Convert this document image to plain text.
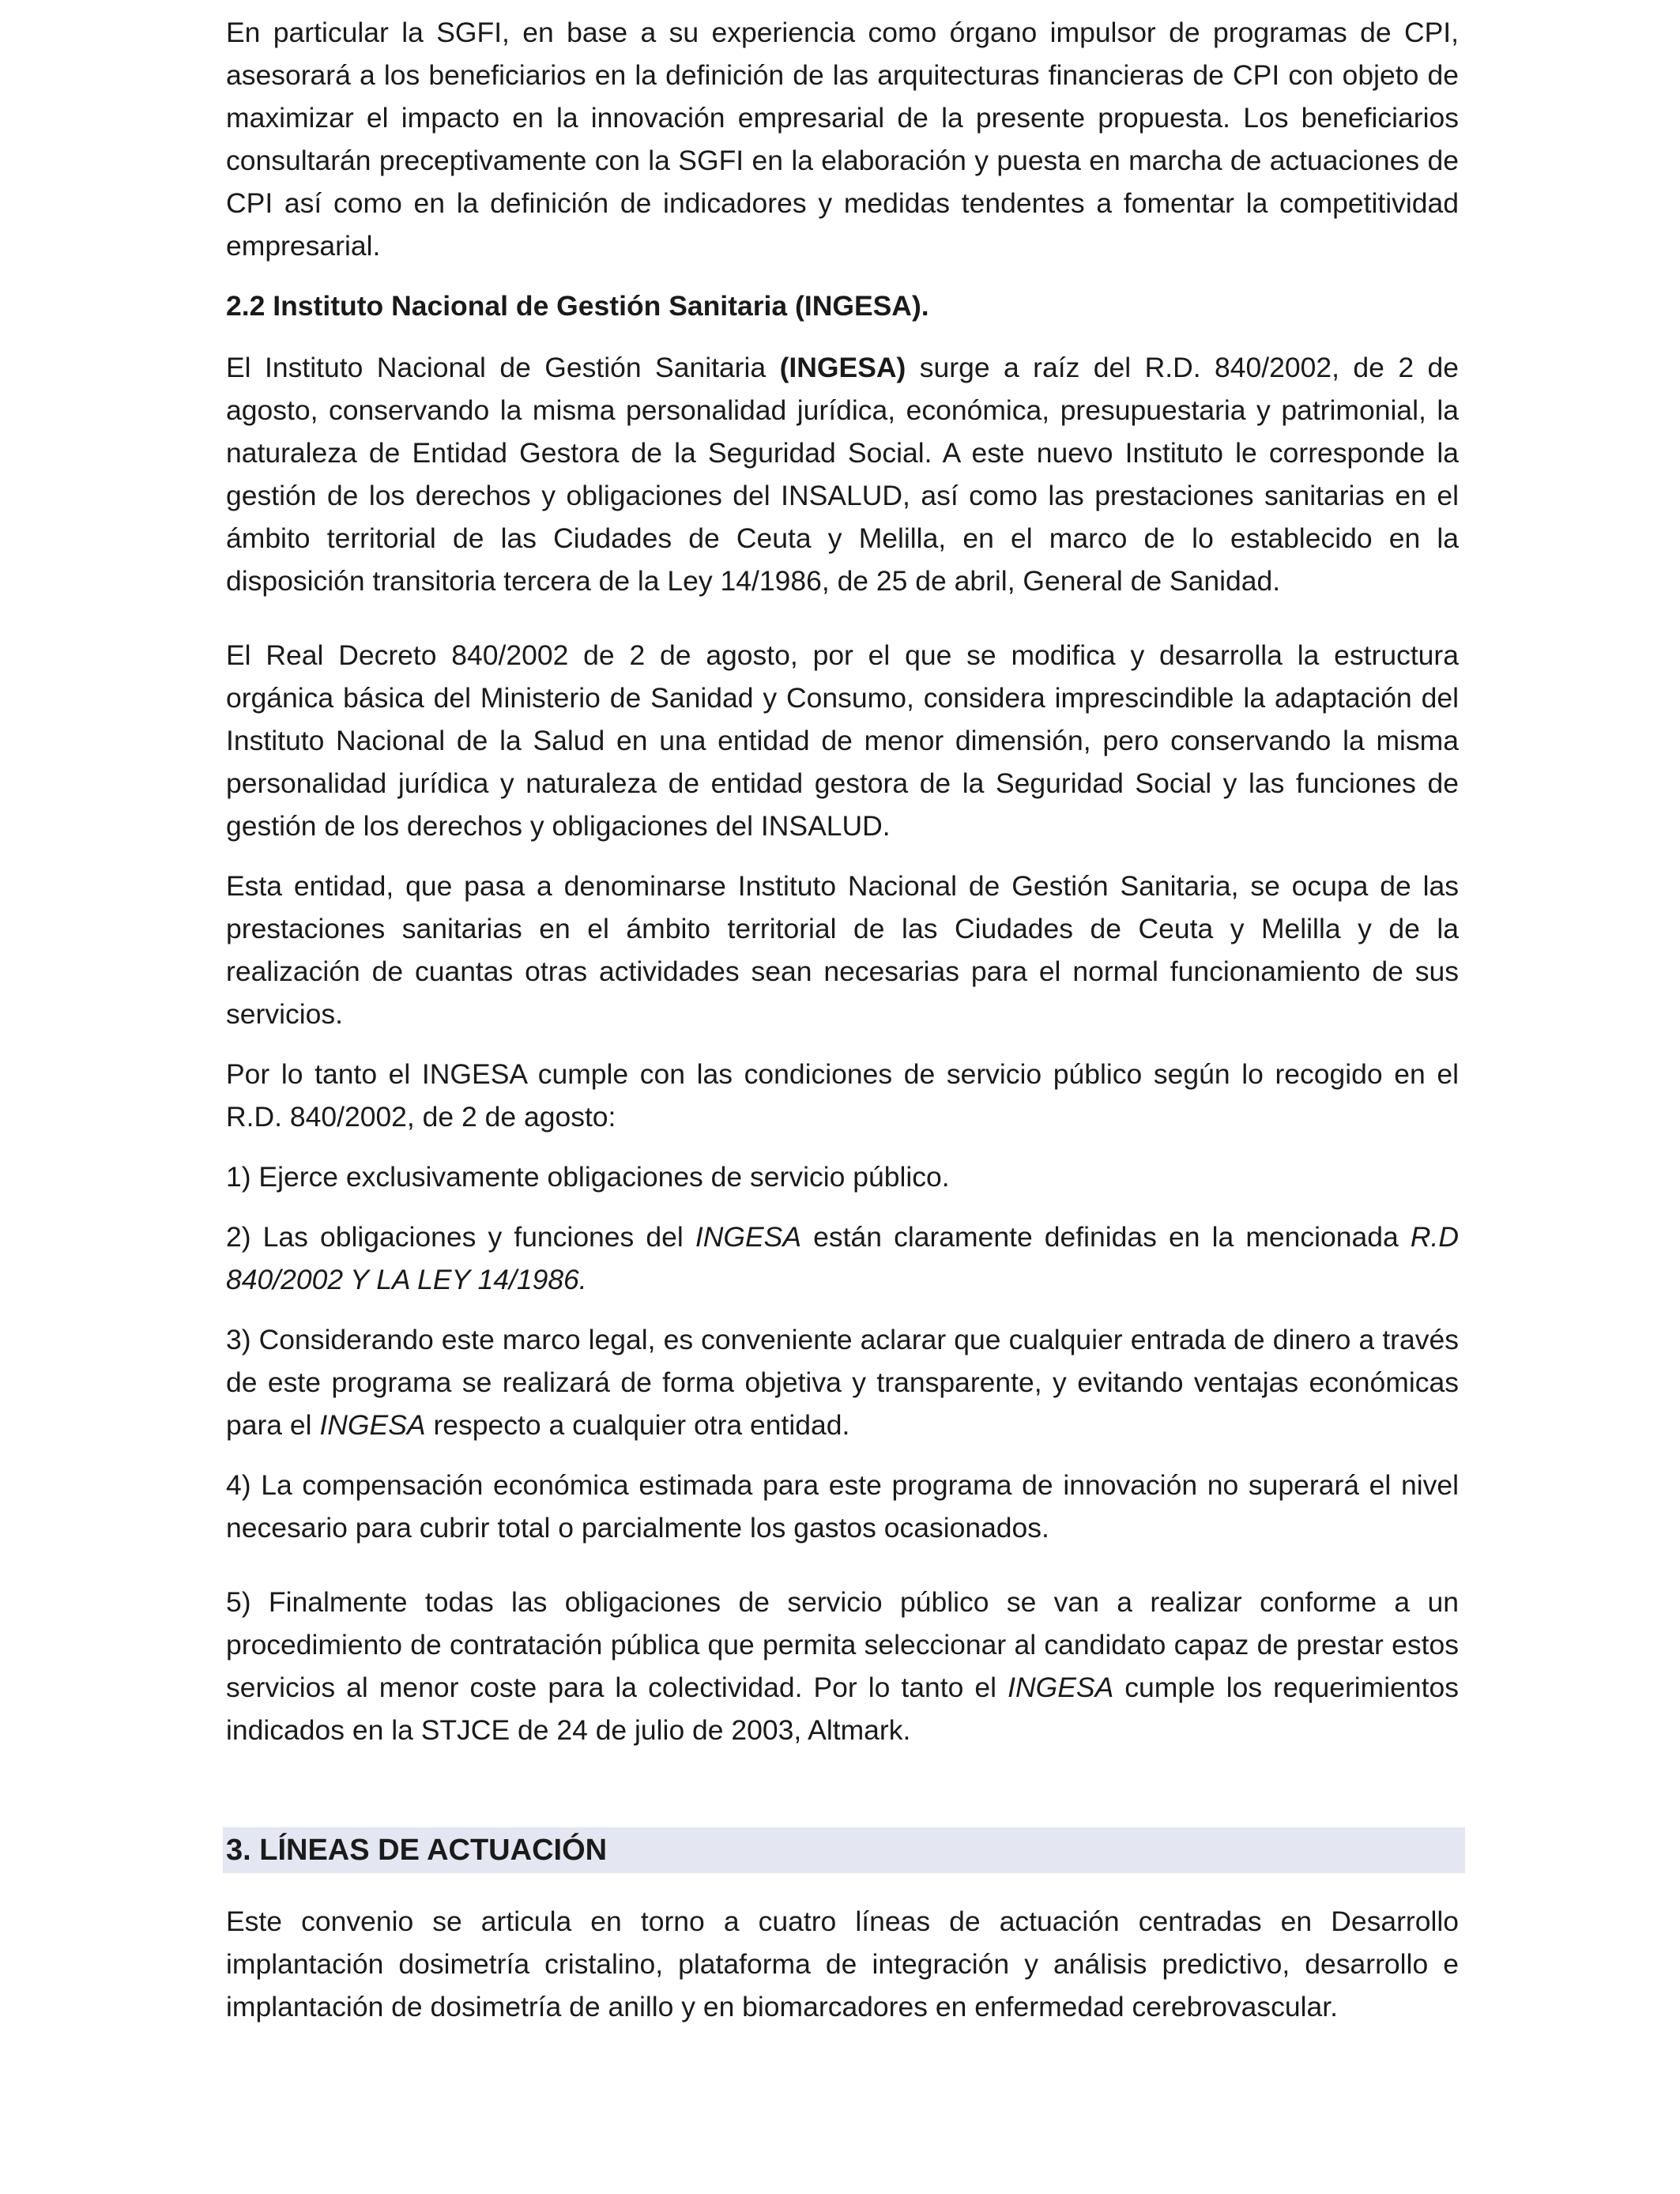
En particular la SGFI, en base a su experiencia como órgano impulsor de programas de CPI, asesorará a los beneficiarios en la definición de las arquitecturas financieras de CPI con objeto de maximizar el impacto en la innovación empresarial de la presente propuesta. Los beneficiarios consultarán preceptivamente con la SGFI en la elaboración y puesta en marcha de actuaciones de CPI así como en la definición de indicadores y medidas tendentes a fomentar la competitividad empresarial.

2.2 Instituto Nacional de Gestión Sanitaria (INGESA).

El Instituto Nacional de Gestión Sanitaria (INGESA) surge a raíz del R.D. 840/2002, de 2 de agosto, conservando la misma personalidad jurídica, económica, presupuestaria y patrimonial, la naturaleza de Entidad Gestora de la Seguridad Social. A este nuevo Instituto le corresponde la gestión de los derechos y obligaciones del INSALUD, así como las prestaciones sanitarias en el ámbito territorial de las Ciudades de Ceuta y Melilla, en el marco de lo establecido en la disposición transitoria tercera de la Ley 14/1986, de 25 de abril, General de Sanidad.

El Real Decreto 840/2002 de 2 de agosto, por el que se modifica y desarrolla la estructura orgánica básica del Ministerio de Sanidad y Consumo, considera imprescindible la adaptación del Instituto Nacional de la Salud en una entidad de menor dimensión, pero conservando la misma personalidad jurídica y naturaleza de entidad gestora de la Seguridad Social y las funciones de gestión de los derechos y obligaciones del INSALUD.

Esta entidad, que pasa a denominarse Instituto Nacional de Gestión Sanitaria, se ocupa de las prestaciones sanitarias en el ámbito territorial de las Ciudades de Ceuta y Melilla y de la realización de cuantas otras actividades sean necesarias para el normal funcionamiento de sus servicios.

Por lo tanto el INGESA cumple con las condiciones de servicio público según lo recogido en el R.D. 840/2002, de 2 de agosto:

1) Ejerce exclusivamente obligaciones de servicio público.

2) Las obligaciones y funciones del INGESA están claramente definidas en la mencionada R.D 840/2002 Y LA LEY 14/1986.

3) Considerando este marco legal, es conveniente aclarar que cualquier entrada de dinero a través de este programa se realizará de forma objetiva y transparente, y evitando ventajas económicas para el INGESA respecto a cualquier otra entidad.

4) La compensación económica estimada para este programa de innovación no superará el nivel necesario para cubrir total o parcialmente los gastos ocasionados.

5) Finalmente todas las obligaciones de servicio público se van a realizar conforme a un procedimiento de contratación pública que permita seleccionar al candidato capaz de prestar estos servicios al menor coste para la colectividad. Por lo tanto el INGESA cumple los requerimientos indicados en la STJCE de 24 de julio de 2003, Altmark.

3. LÍNEAS DE ACTUACIÓN

Este convenio se articula en torno a cuatro líneas de actuación centradas en Desarrollo implantación dosimetría cristalino, plataforma de integración y análisis predictivo, desarrollo e implantación de dosimetría de anillo y en biomarcadores en enfermedad cerebrovascular.
